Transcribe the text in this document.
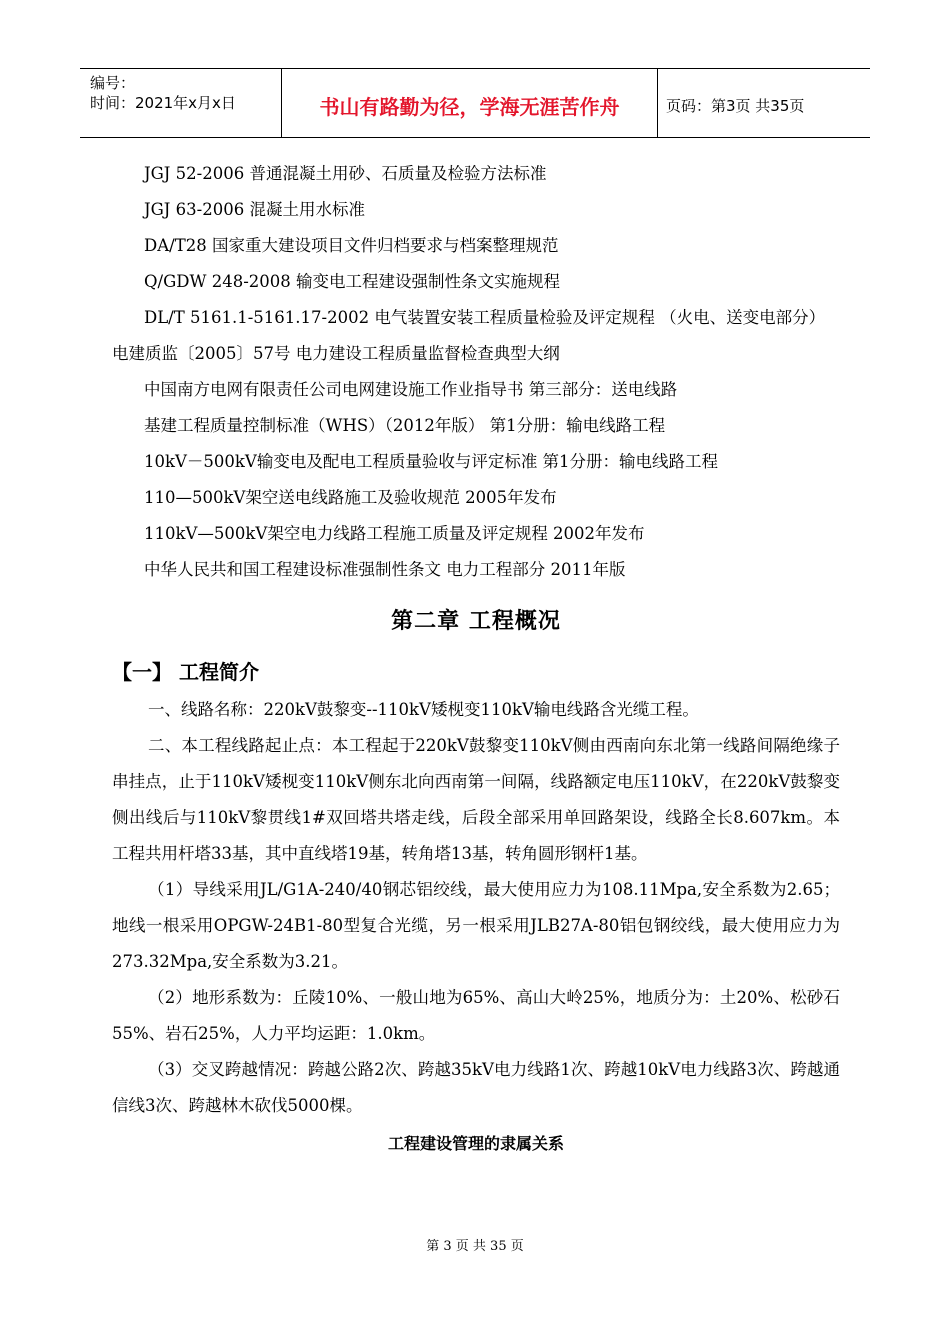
编号：
时间：2021年x月x日	书山有路勤为径，学海无涯苦作舟	页码：第3页 共35页
JGJ 52-2006 普通混凝土用砂、石质量及检验方法标准
JGJ 63-2006 混凝土用水标准
DA/T28 国家重大建设项目文件归档要求与档案整理规范
Q/GDW 248-2008 输变电工程建设强制性条文实施规程
DL/T 5161.1-5161.17-2002 电气装置安装工程质量检验及评定规程 （火电、送变电部分）电建质监〔2005〕57号 电力建设工程质量监督检查典型大纲
中国南方电网有限责任公司电网建设施工作业指导书 第三部分：送电线路
基建工程质量控制标准（WHS）（2012年版） 第1分册：输电线路工程
10kV－500kV输变电及配电工程质量验收与评定标准 第1分册：输电线路工程
110—500kV架空送电线路施工及验收规范 2005年发布
110kV—500kV架空电力线路工程施工质量及评定规程 2002年发布
中华人民共和国工程建设标准强制性条文 电力工程部分 2011年版
第二章 工程概况
【一】 工程简介
一、线路名称：220kV鼓黎变--110kV矮枧变110kV输电线路含光缆工程。
二、本工程线路起止点：本工程起于220kV鼓黎变110kV侧由西南向东北第一线路间隔绝缘子串挂点，止于110kV矮枧变110kV侧东北向西南第一间隔，线路额定电压110kV，在220kV鼓黎变侧出线后与110kV黎贯线1#双回塔共塔走线，后段全部采用单回路架设，线路全长8.607km。本工程共用杆塔33基，其中直线塔19基，转角塔13基，转角圆形钢杆1基。
（1）导线采用JL/G1A-240/40钢芯铝绞线，最大使用应力为108.11Mpa,安全系数为2.65；地线一根采用OPGW-24B1-80型复合光缆，另一根采用JLB27A-80铝包钢绞线，最大使用应力为273.32Mpa,安全系数为3.21。
（2）地形系数为：丘陵10%、一般山地为65%、高山大岭25%，地质分为：土20%、松砂石55%、岩石25%，人力平均运距：1.0km。
（3）交叉跨越情况：跨越公路2次、跨越35kV电力线路1次、跨越10kV电力线路3次、跨越通信线3次、跨越林木砍伐5000棵。
工程建设管理的隶属关系
第 3 页 共 35 页
